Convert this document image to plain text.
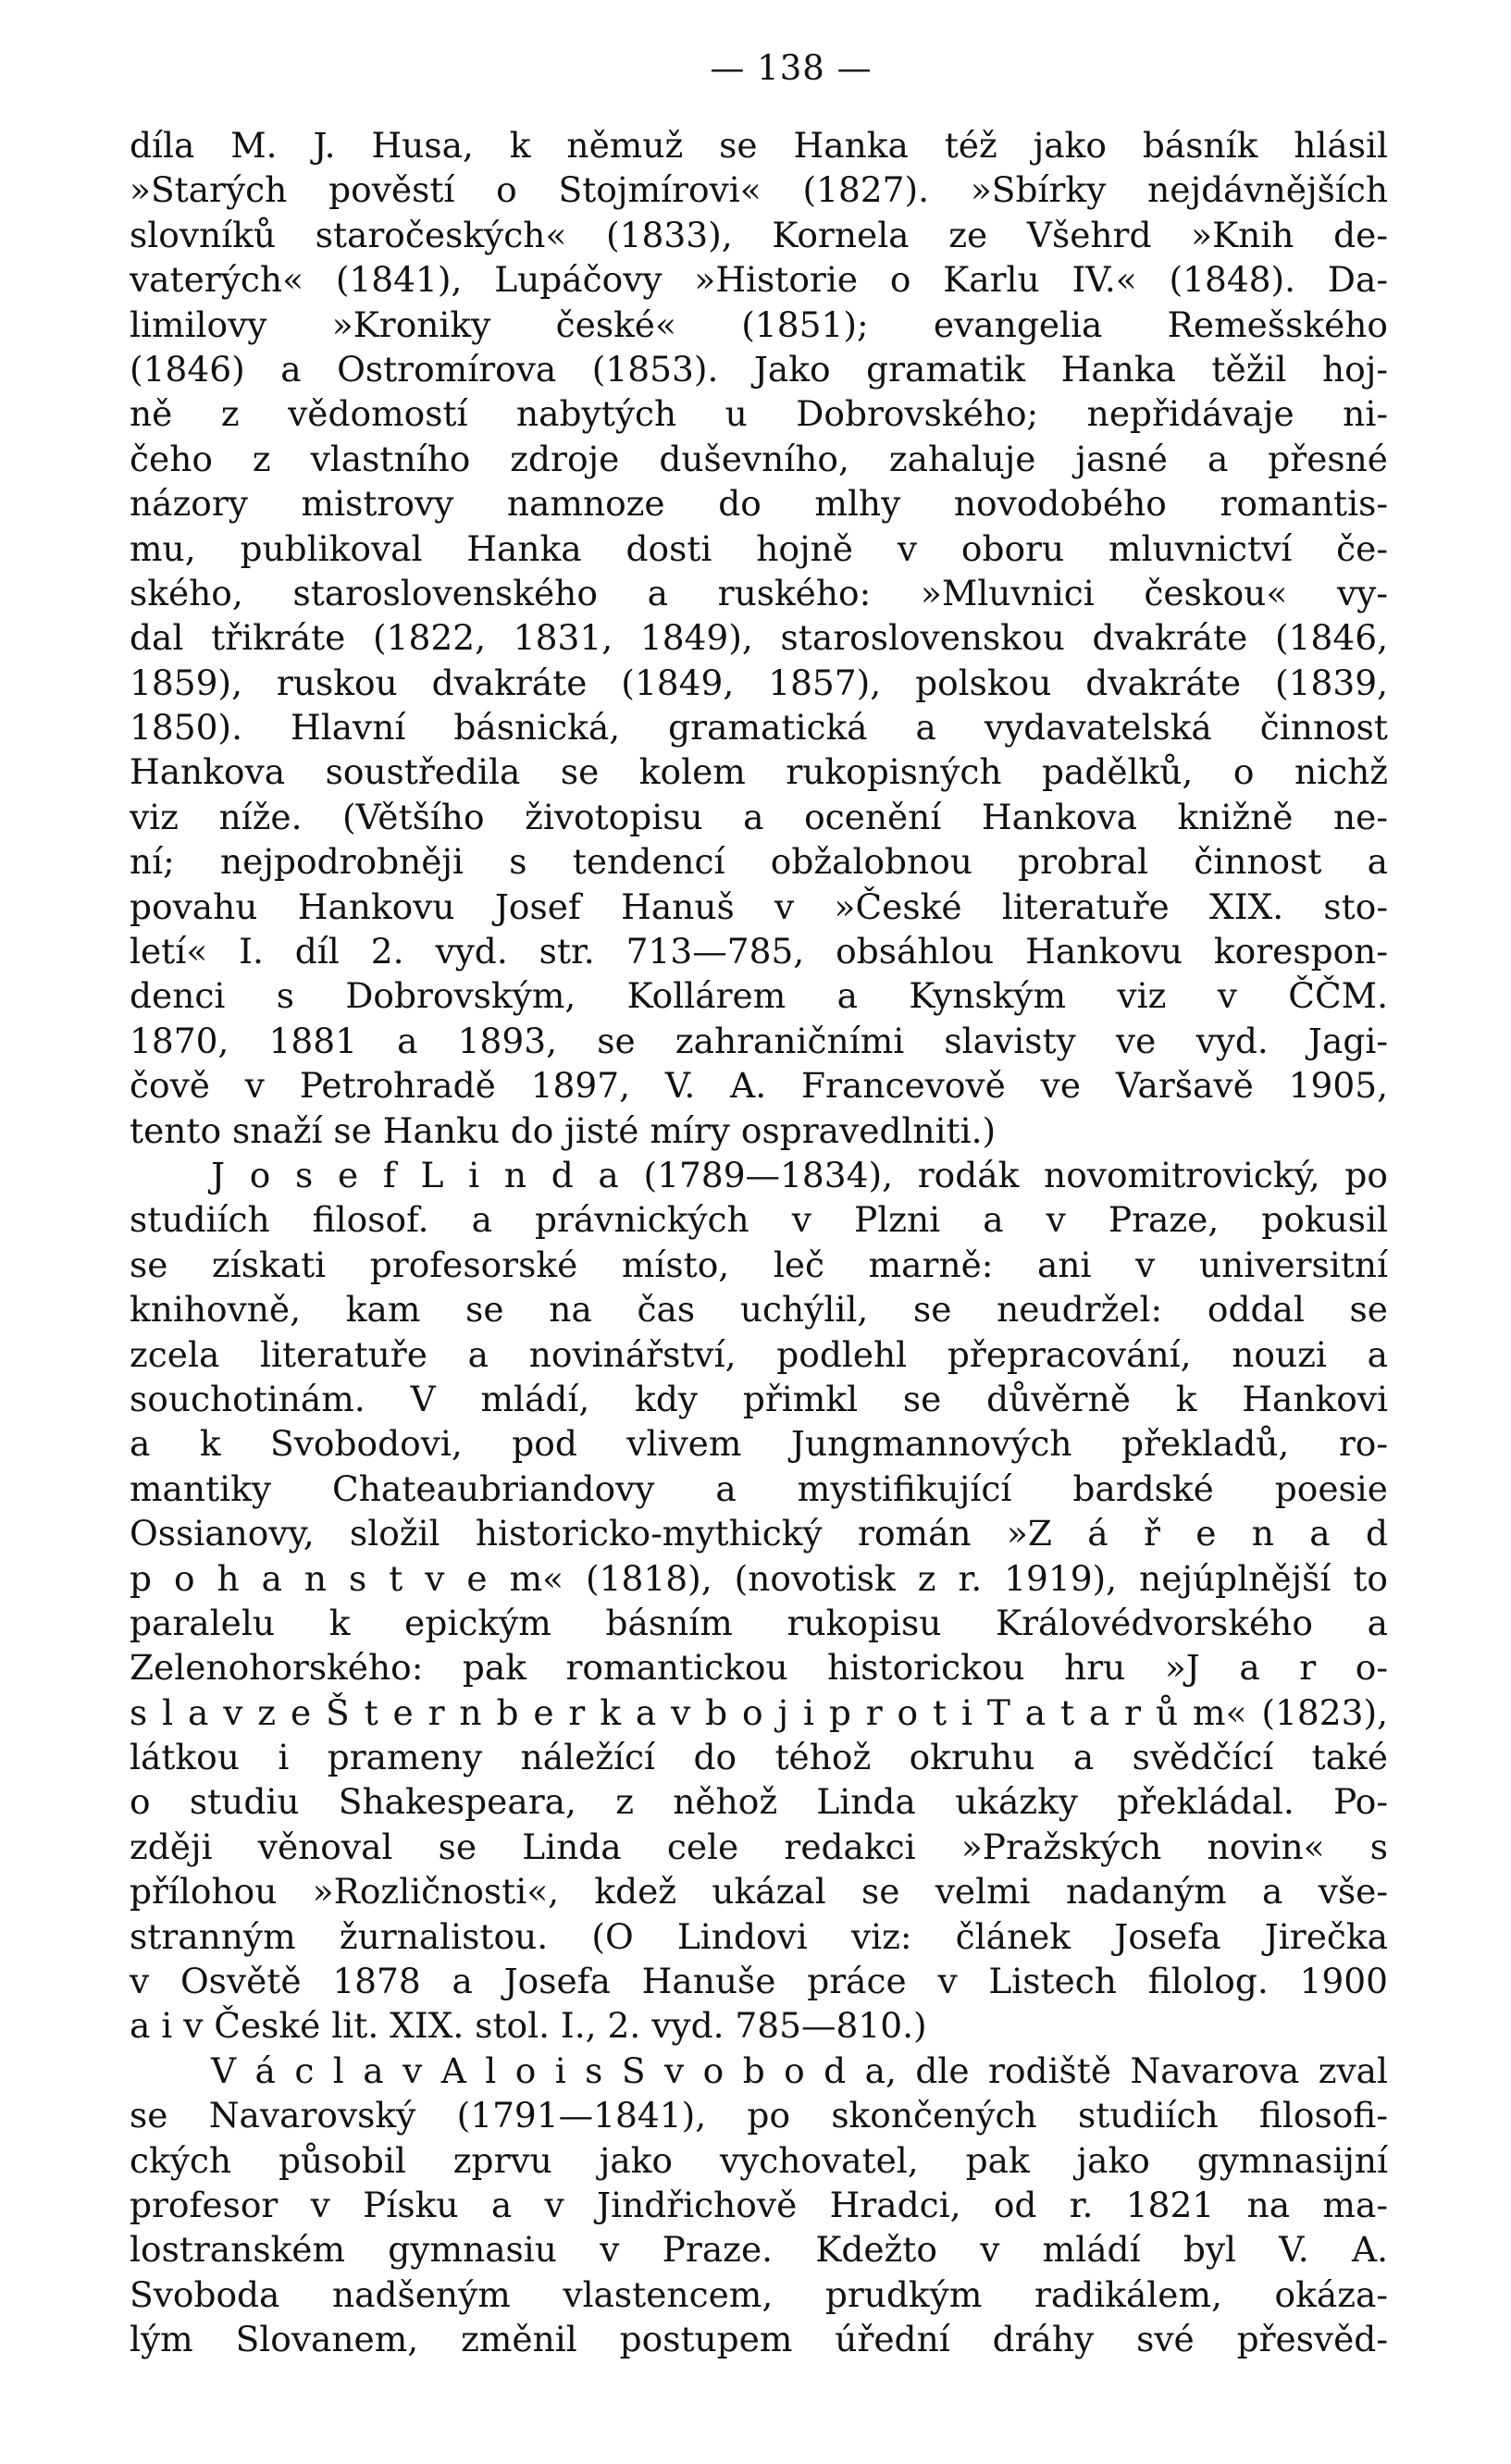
— 138 —
díla M. J. Husa, k němuž se Hanka též jako básník hlásil
»Starých pověstí o Stojmírovi« (1827). »Sbírky nejdávnějších
slovníků staročeských« (1833), Kornela ze Všehrd »Knih de-
vaterých« (1841), Lupáčovy »Historie o Karlu IV.« (1848). Da-
limilovy »Kroniky české« (1851); evangelia Remešského
(1846) a Ostromírova (1853). Jako gramatik Hanka těžil hoj-
ně z vědomostí nabytých u Dobrovského; nepřidávaje ni-
čeho z vlastního zdroje duševního, zahaluje jasné a přesné
názory mistrovy namnoze do mlhy novodobého romantis-
mu, publikoval Hanka dosti hojně v oboru mluvnictví če-
ského, staroslovenského a ruského: »Mluvnici českou« vy-
dal třikráte (1822, 1831, 1849), staroslovenskou dvakráte (1846,
1859), ruskou dvakráte (1849, 1857), polskou dvakráte (1839,
1850). Hlavní básnická, gramatická a vydavatelská činnost
Hankova soustředila se kolem rukopisných padělků, o nichž
viz níže. (Většího životopisu a ocenění Hankova knižně ne-
ní; nejpodrobněji s tendencí obžalobnou probral činnost a
povahu Hankovu Josef Hanuš v »České literatuře XIX. sto-
letí« I. díl 2. vyd. str. 713—785, obsáhlou Hankovu korespon-
denci s Dobrovským, Kollárem a Kynským viz v ČČM.
1870, 1881 a 1893, se zahraničními slavisty ve vyd. Jagi-
čově v Petrohradě 1897, V. A. Francevově ve Varšavě 1905,
tento snaží se Hanku do jisté míry ospravedlniti.)
J o s e f L i n d a (1789—1834), rodák novomitrovický, po
studiích filosof. a právnických v Plzni a v Praze, pokusil
se získati profesorské místo, leč marně: ani v universitní
knihovně, kam se na čas uchýlil, se neudržel: oddal se
zcela literatuře a novinářství, podlehl přepracování, nouzi a
souchotinám. V mládí, kdy přimkl se důvěrně k Hankovi
a k Svobodovi, pod vlivem Jungmannových překladů, ro-
mantiky Chateaubriandovy a mystifikující bardské poesie
Ossianovy, složil historicko-mythický román »Z á ř e n a d
p o h a n s t v e m« (1818), (novotisk z r. 1919), nejúplnější to
paralelu k epickým básním rukopisu Královédvorského a
Zelenohorského: pak romantickou historickou hru »J a r o-
s l a v z e Š t e r n b e r k a v b o j i p r o t i T a t a r ů m« (1823),
látkou i prameny náležící do téhož okruhu a svědčící také
o studiu Shakespeara, z něhož Linda ukázky překládal. Po-
zději věnoval se Linda cele redakci »Pražských novin« s
přílohou »Rozličnosti«, kdež ukázal se velmi nadaným a vše-
stranným žurnalistou. (O Lindovi viz: článek Josefa Jirečka
v Osvětě 1878 a Josefa Hanuše práce v Listech filolog. 1900
a i v České lit. XIX. stol. I., 2. vyd. 785—810.)
V á c l a v A l o i s S v o b o d a, dle rodiště Navarova zval
se Navarovský (1791—1841), po skončených studiích filosofi-
ckých působil zprvu jako vychovatel, pak jako gymnasijní
profesor v Písku a v Jindřichově Hradci, od r. 1821 na ma-
lostranském gymnasiu v Praze. Kdežto v mládí byl V. A.
Svoboda nadšeným vlastencem, prudkým radikálem, okáza-
lým Slovanem, změnil postupem úřední dráhy své přesvěd-
